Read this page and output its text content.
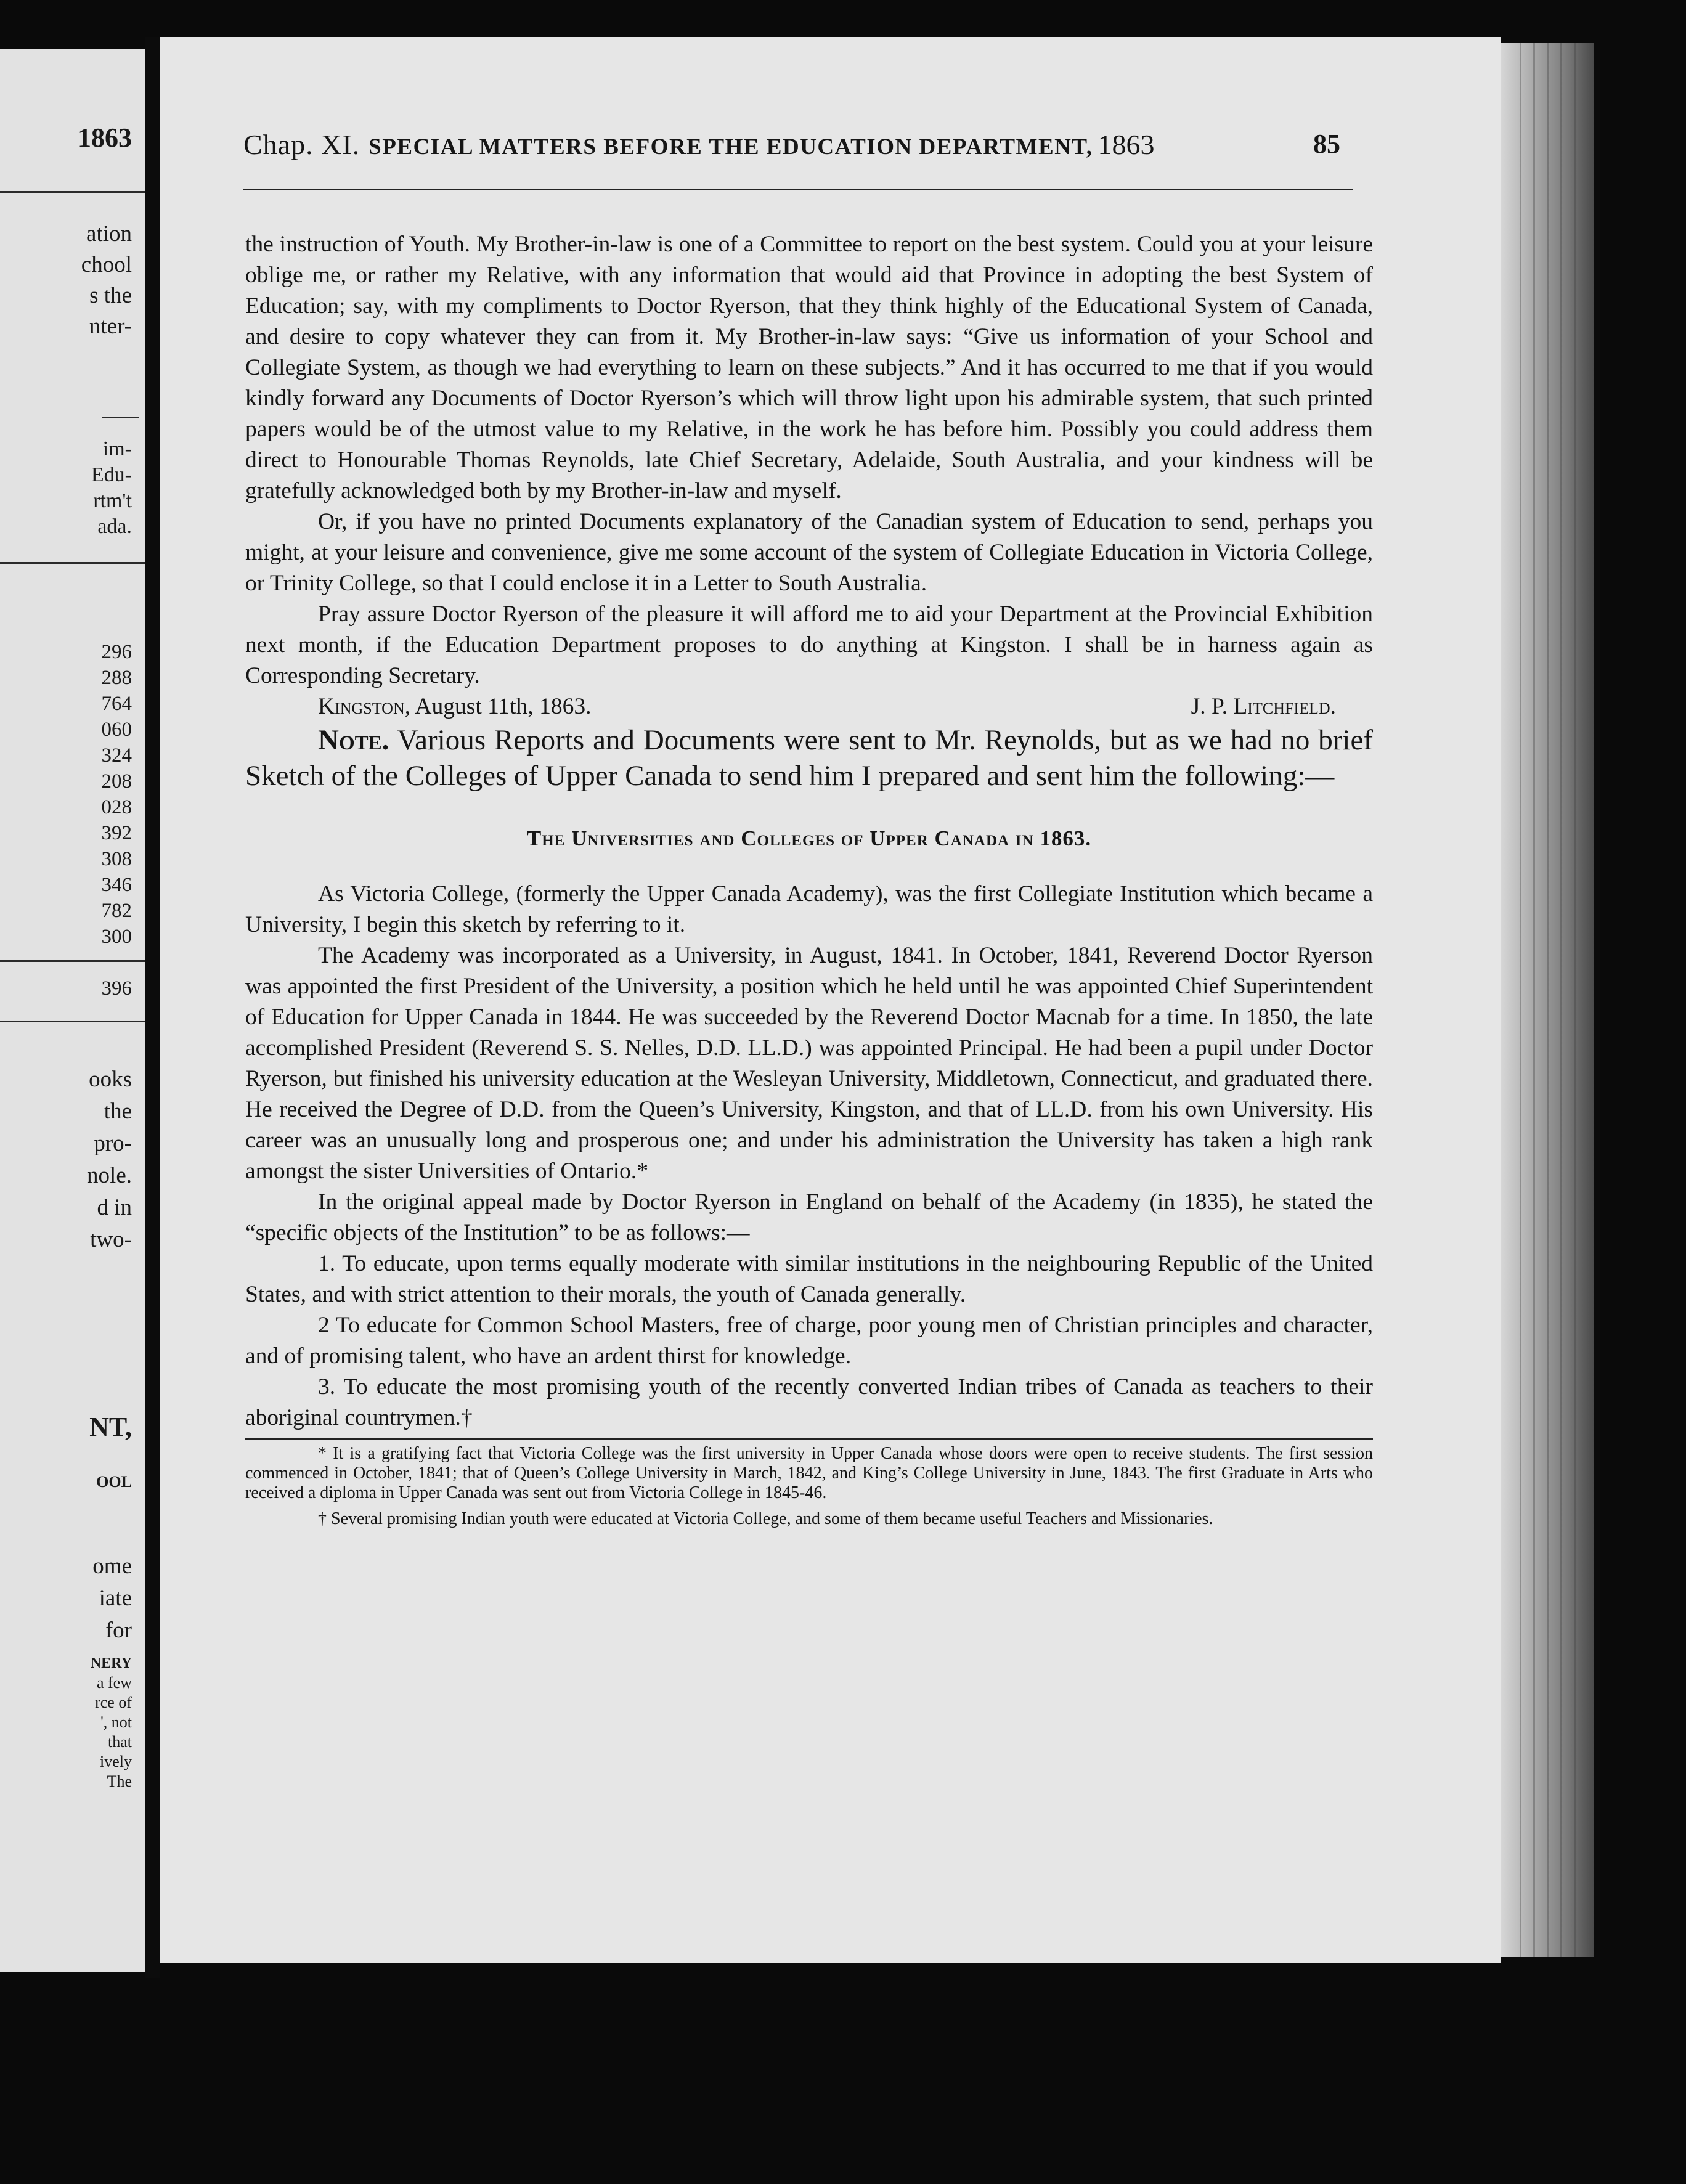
1863
ation
chool
s the
nter-
im-
Edu-
rtm't
ada.
296
288
764
060
324
208
028
392
308
346
782
300
396
ooks
the
pro-
nole.
d in
two-
NT,
OOL
ome
iate
for
NERY
a few
rce of
', not
that
ively
The
Chap. XI. SPECIAL MATTERS BEFORE THE EDUCATION DEPARTMENT, 1863	85

the instruction of Youth. My Brother-in-law is one of a Committee to report on the best system. Could you at your leisure oblige me, or rather my Relative, with any information that would aid that Province in adopting the best System of Education; say, with my compliments to Doctor Ryerson, that they think highly of the Educational System of Canada, and desire to copy whatever they can from it. My Brother-in-law says: “Give us information of your School and Collegiate System, as though we had everything to learn on these subjects.” And it has occurred to me that if you would kindly forward any Documents of Doctor Ryerson’s which will throw light upon his admirable system, that such printed papers would be of the utmost value to my Relative, in the work he has before him. Possibly you could address them direct to Honourable Thomas Reynolds, late Chief Secretary, Adelaide, South Australia, and your kindness will be gratefully acknowledged both by my Brother-in-law and myself.

Or, if you have no printed Documents explanatory of the Canadian system of Education to send, perhaps you might, at your leisure and convenience, give me some account of the system of Collegiate Education in Victoria College, or Trinity College, so that I could enclose it in a Letter to South Australia.

Pray assure Doctor Ryerson of the pleasure it will afford me to aid your Department at the Provincial Exhibition next month, if the Education Department proposes to do anything at Kingston. I shall be in harness again as Corresponding Secretary.

Kingston, August 11th, 1863.	J. P. Litchfield.

Note. Various Reports and Documents were sent to Mr. Reynolds, but as we had no brief Sketch of the Colleges of Upper Canada to send him I prepared and sent him the following:—

The Universities and Colleges of Upper Canada in 1863.

As Victoria College, (formerly the Upper Canada Academy), was the first Collegiate Institution which became a University, I begin this sketch by referring to it.

The Academy was incorporated as a University, in August, 1841. In October, 1841, Reverend Doctor Ryerson was appointed the first President of the University, a position which he held until he was appointed Chief Superintendent of Education for Upper Canada in 1844. He was succeeded by the Reverend Doctor Macnab for a time. In 1850, the late accomplished President (Reverend S. S. Nelles, D.D. LL.D.) was appointed Principal. He had been a pupil under Doctor Ryerson, but finished his university education at the Wesleyan University, Middletown, Connecticut, and graduated there. He received the Degree of D.D. from the Queen’s University, Kingston, and that of LL.D. from his own University. His career was an unusually long and prosperous one; and under his administration the University has taken a high rank amongst the sister Universities of Ontario.*

In the original appeal made by Doctor Ryerson in England on behalf of the Academy (in 1835), he stated the “specific objects of the Institution” to be as follows:—

1. To educate, upon terms equally moderate with similar institutions in the neighbouring Republic of the United States, and with strict attention to their morals, the youth of Canada generally.

2 To educate for Common School Masters, free of charge, poor young men of Christian principles and character, and of promising talent, who have an ardent thirst for knowledge.

3. To educate the most promising youth of the recently converted Indian tribes of Canada as teachers to their aboriginal countrymen.†

* It is a gratifying fact that Victoria College was the first university in Upper Canada whose doors were open to receive students. The first session commenced in October, 1841; that of Queen’s College University in March, 1842, and King’s College University in June, 1843. The first Graduate in Arts who received a diploma in Upper Canada was sent out from Victoria College in 1845-46.

† Several promising Indian youth were educated at Victoria College, and some of them became useful Teachers and Missionaries.
